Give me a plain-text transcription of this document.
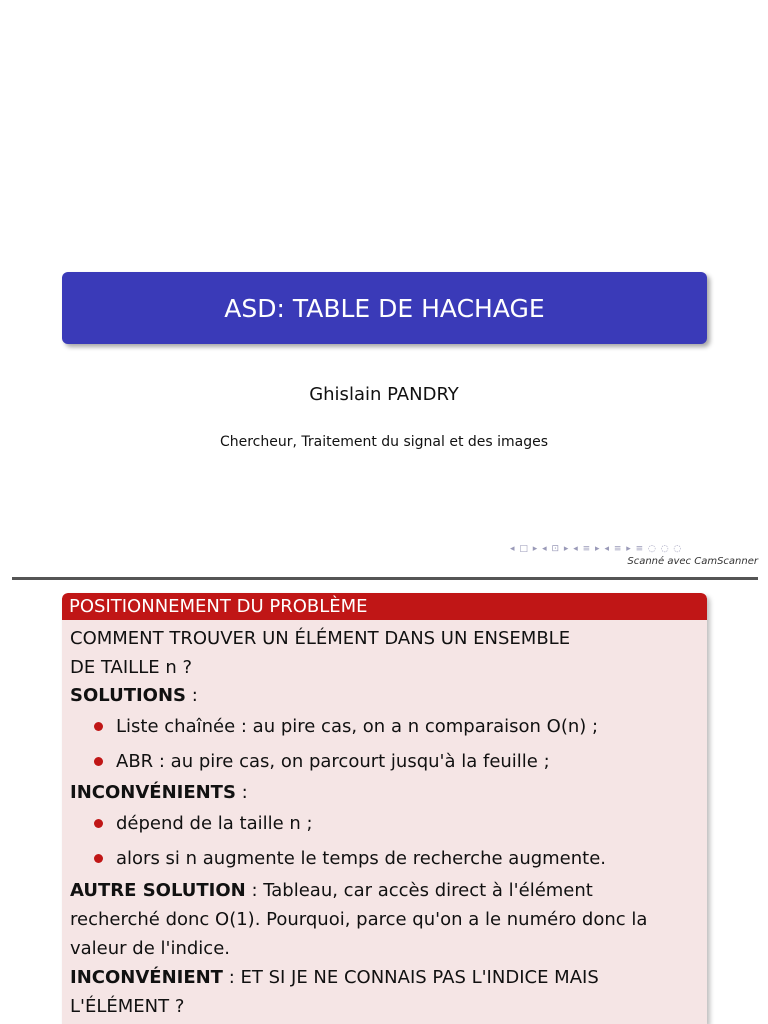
ASD: TABLE DE HACHAGE
Ghislain PANDRY
Chercheur, Traitement du signal et des images
◂ □ ▸ ◂ ⊡ ▸ ◂ ≡ ▸ ◂ ≡ ▸ ≡ ◌ ◌ ◌
Scanné avec CamScanner
POSITIONNEMENT DU PROBLÈME
COMMENT TROUVER UN ÉLÉMENT DANS UN ENSEMBLE
DE TAILLE n ?
SOLUTIONS :
Liste chaînée : au pire cas, on a n comparaison O(n) ;
ABR : au pire cas, on parcourt jusqu'à la feuille ;
INCONVÉNIENTS :
dépend de la taille n ;
alors si n augmente le temps de recherche augmente.
AUTRE SOLUTION : Tableau, car accès direct à l'élément
recherché donc O(1). Pourquoi, parce qu'on a le numéro donc la
valeur de l'indice.
INCONVÉNIENT : ET SI JE NE CONNAIS PAS L'INDICE MAIS
L'ÉLÉMENT ?
